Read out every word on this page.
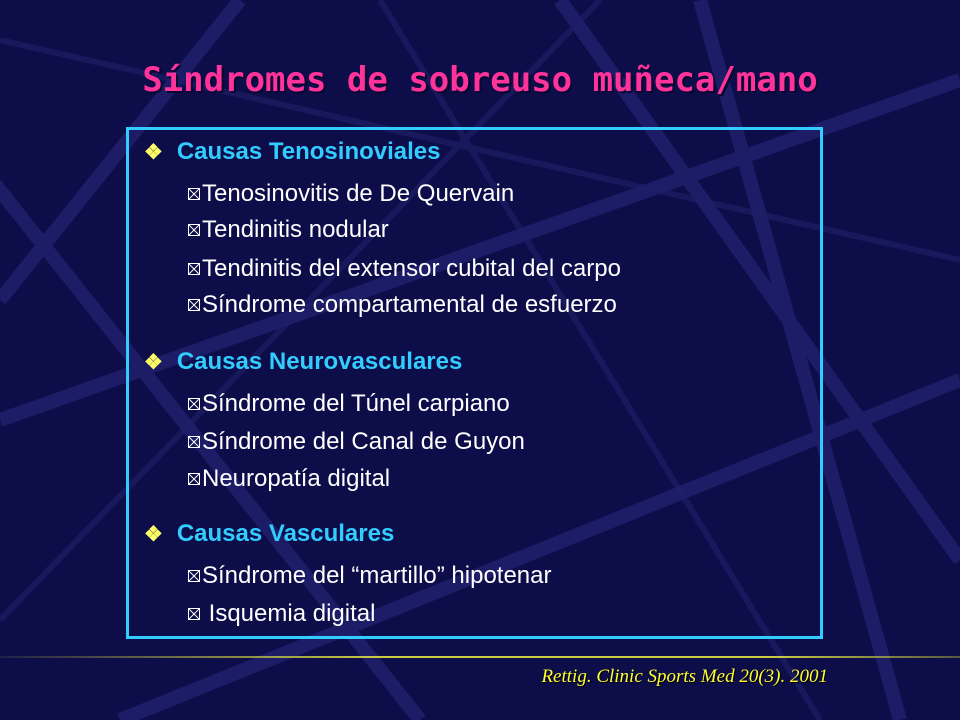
Síndromes de sobreuso muñeca/mano
❖ Causas Tenosinoviales
Tenosinovitis de De Quervain
Tendinitis nodular
Tendinitis del extensor cubital del carpo
Síndrome compartamental de esfuerzo
❖ Causas Neurovasculares
Síndrome del Túnel carpiano
Síndrome del Canal de Guyon
Neuropatía digital
❖ Causas Vasculares
Síndrome del “martillo” hipotenar
Isquemia digital
Rettig. Clinic Sports Med 20(3). 2001
